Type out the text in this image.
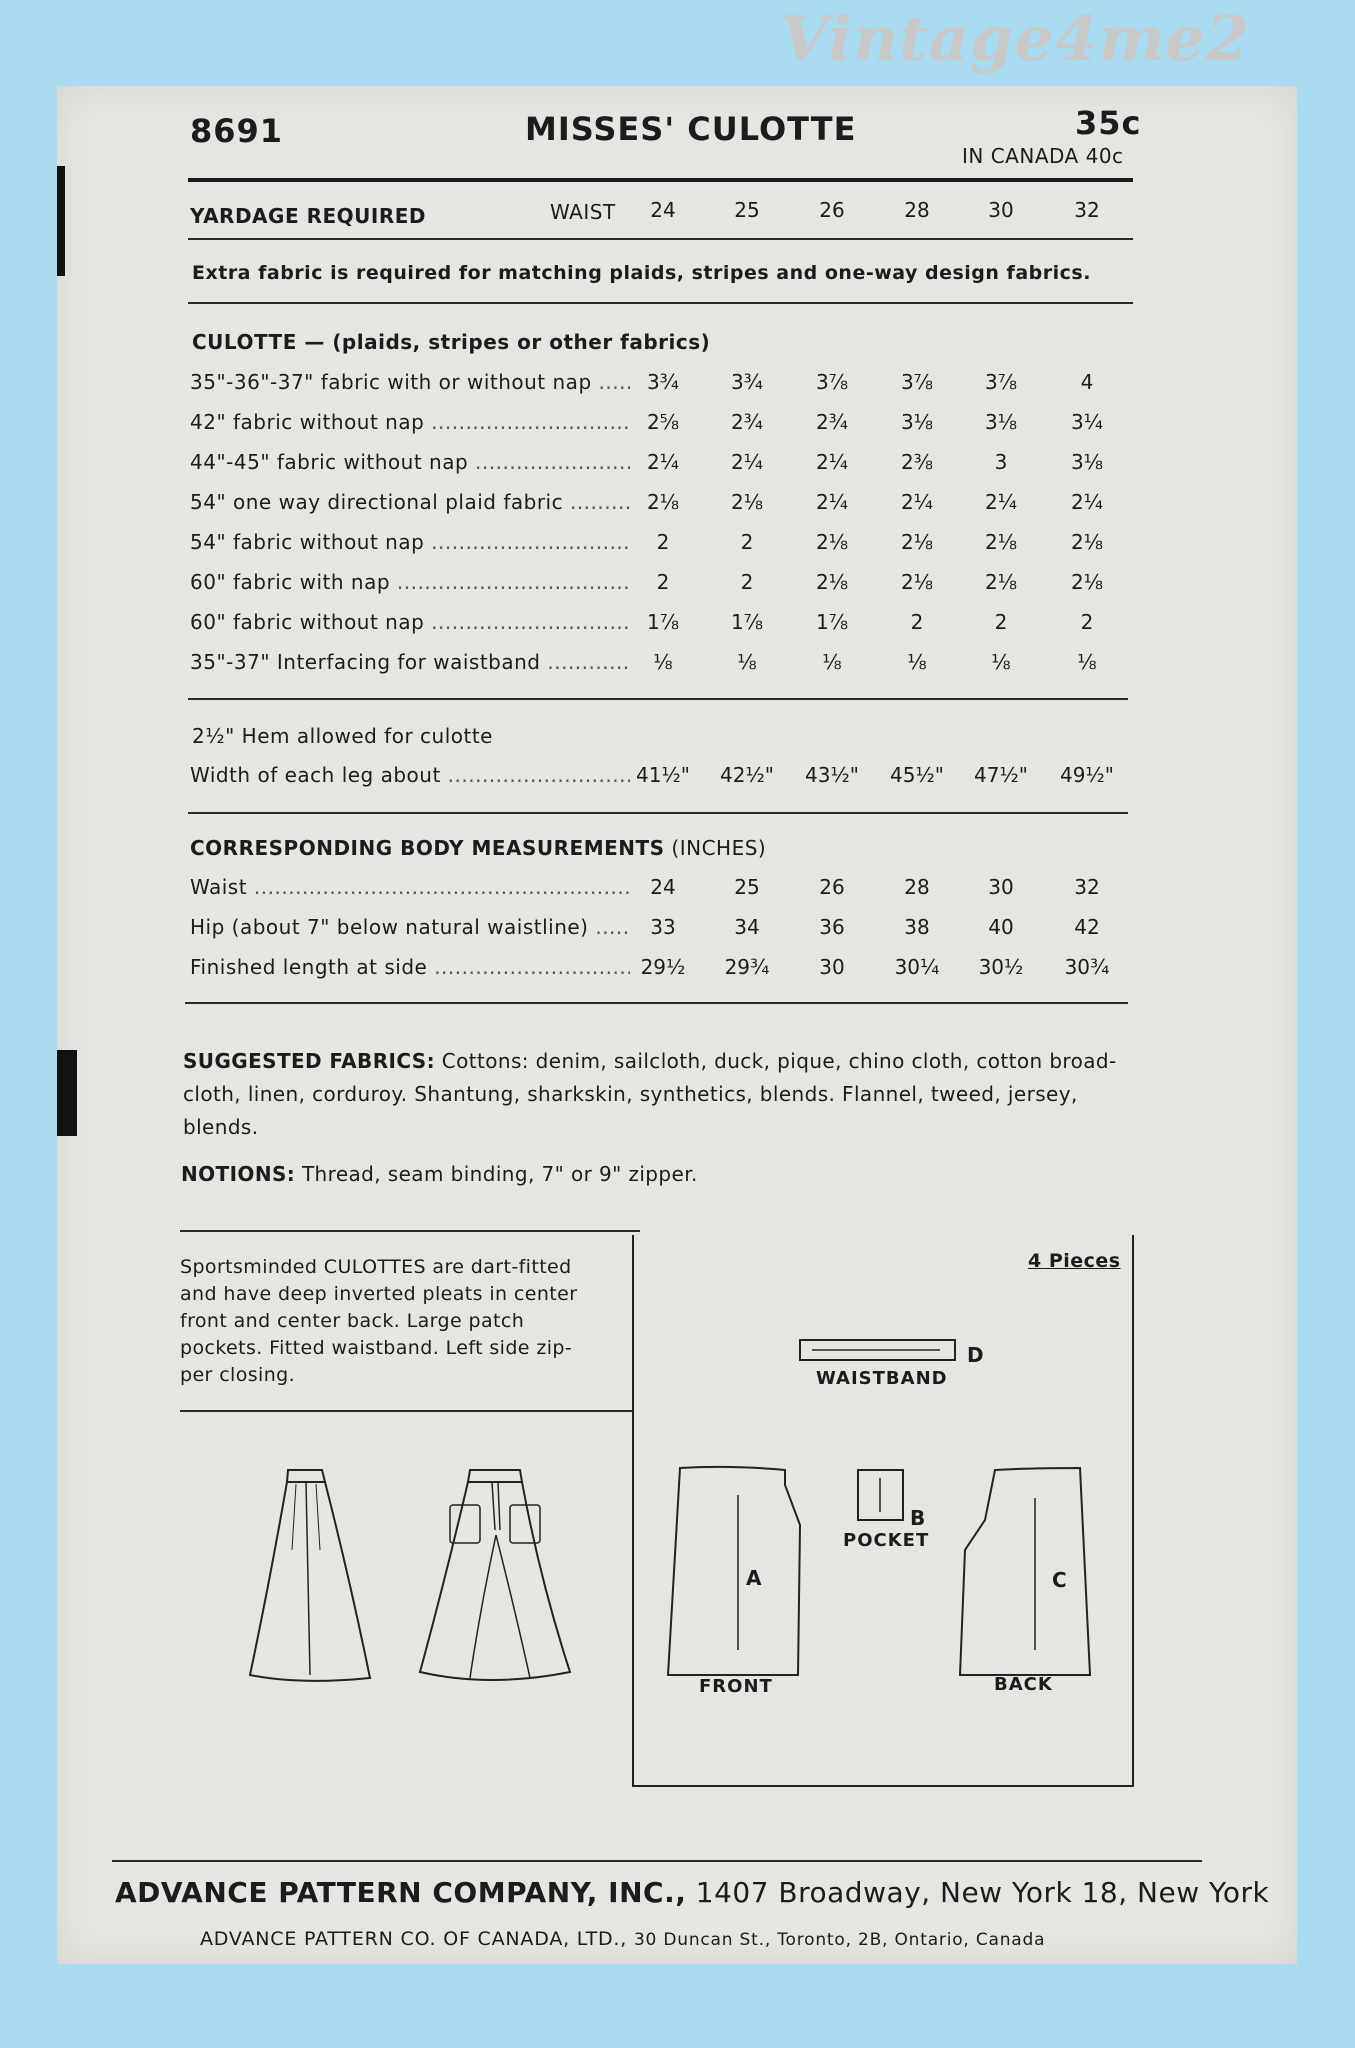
Vintage4me2
8691	MISSES' CULOTTE	35c
IN CANADA 40c
YARDAGE REQUIRED	WAIST	24	25	26	28	30	32
Extra fabric is required for matching plaids, stripes and one-way design fabrics.
CULOTTE — (plaids, stripes or other fabrics)
35"-36"-37" fabric with or without nap .....	3¾	3¾	3⅞	3⅞	3⅞	4
42" fabric without nap .....	2⅝	2¾	2¾	3⅛	3⅛	3¼
44"-45" fabric without nap .....	2¼	2¼	2¼	2⅜	3	3⅛
54" one way directional plaid fabric .....	2⅛	2⅛	2¼	2¼	2¼	2¼
54" fabric without nap .....	2	2	2⅛	2⅛	2⅛	2⅛
60" fabric with nap .....	2	2	2⅛	2⅛	2⅛	2⅛
60" fabric without nap .....	1⅞	1⅞	1⅞	2	2	2
35"-37" Interfacing for waistband .....	⅛	⅛	⅛	⅛	⅛	⅛
2½" Hem allowed for culotte
Width of each leg about .....	41½"	42½"	43½"	45½"	47½"	49½"
CORRESPONDING BODY MEASUREMENTS (INCHES)
Waist .....	24	25	26	28	30	32
Hip (about 7" below natural waistline) .....	33	34	36	38	40	42
Finished length at side .....	29½	29¾	30	30¼	30½	30¾
SUGGESTED FABRICS: Cottons: denim, sailcloth, duck, pique, chino cloth, cotton broad-
cloth, linen, corduroy. Shantung, sharkskin, synthetics, blends. Flannel, tweed, jersey,
blends.
NOTIONS: Thread, seam binding, 7" or 9" zipper.
Sportsminded CULOTTES are dart-fitted
and have deep inverted pleats in center
front and center back. Large patch
pockets. Fitted waistband. Left side zip-
per closing.
4 Pieces
WAISTBAND
D
POCKET
B
A
FRONT
C
BACK
ADVANCE PATTERN COMPANY, INC., 1407 Broadway, New York 18, New York
ADVANCE PATTERN CO. OF CANADA, LTD., 30 Duncan St., Toronto, 2B, Ontario, Canada
